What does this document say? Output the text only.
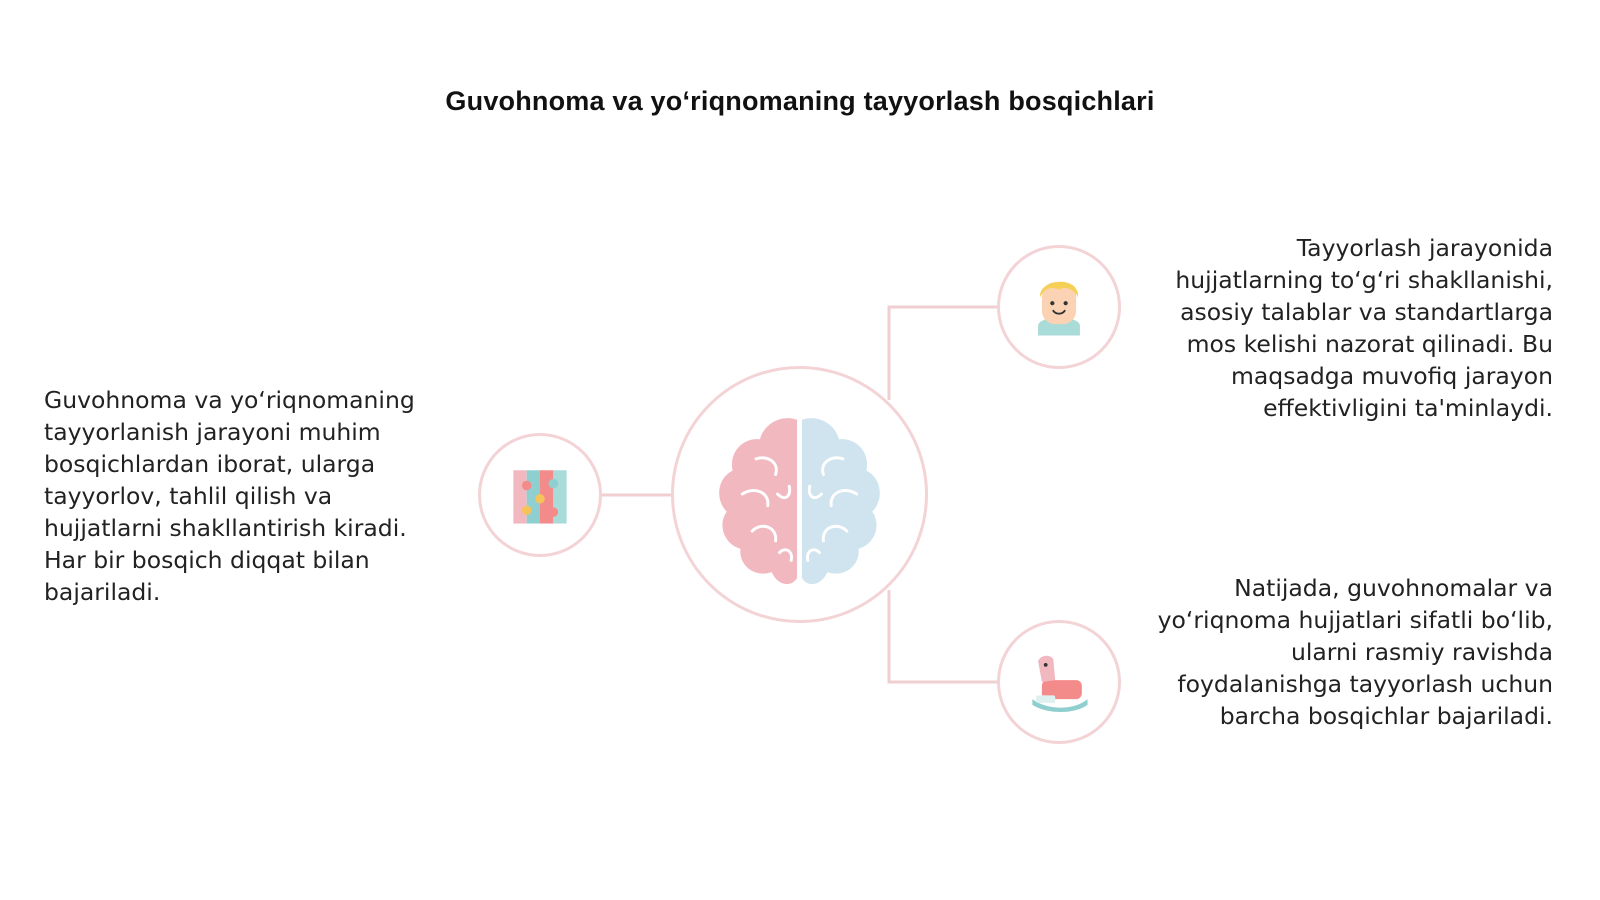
Guvohnoma va yo‘riqnomaning tayyorlash bosqichlari

Guvohnoma va yo‘riqnomaning tayyorlanish jarayoni muhim bosqichlardan iborat, ularga tayyorlov, tahlil qilish va hujjatlarni shakllantirish kiradi. Har bir bosqich diqqat bilan bajariladi.

Tayyorlash jarayonida hujjatlarning to‘g‘ri shakllanishi, asosiy talablar va standartlarga mos kelishi nazorat qilinadi. Bu maqsadga muvofiq jarayon effektivligini ta'minlaydi.

Natijada, guvohnomalar va yo‘riqnoma hujjatlari sifatli bo‘lib, ularni rasmiy ravishda foydalanishga tayyorlash uchun barcha bosqichlar bajariladi.
